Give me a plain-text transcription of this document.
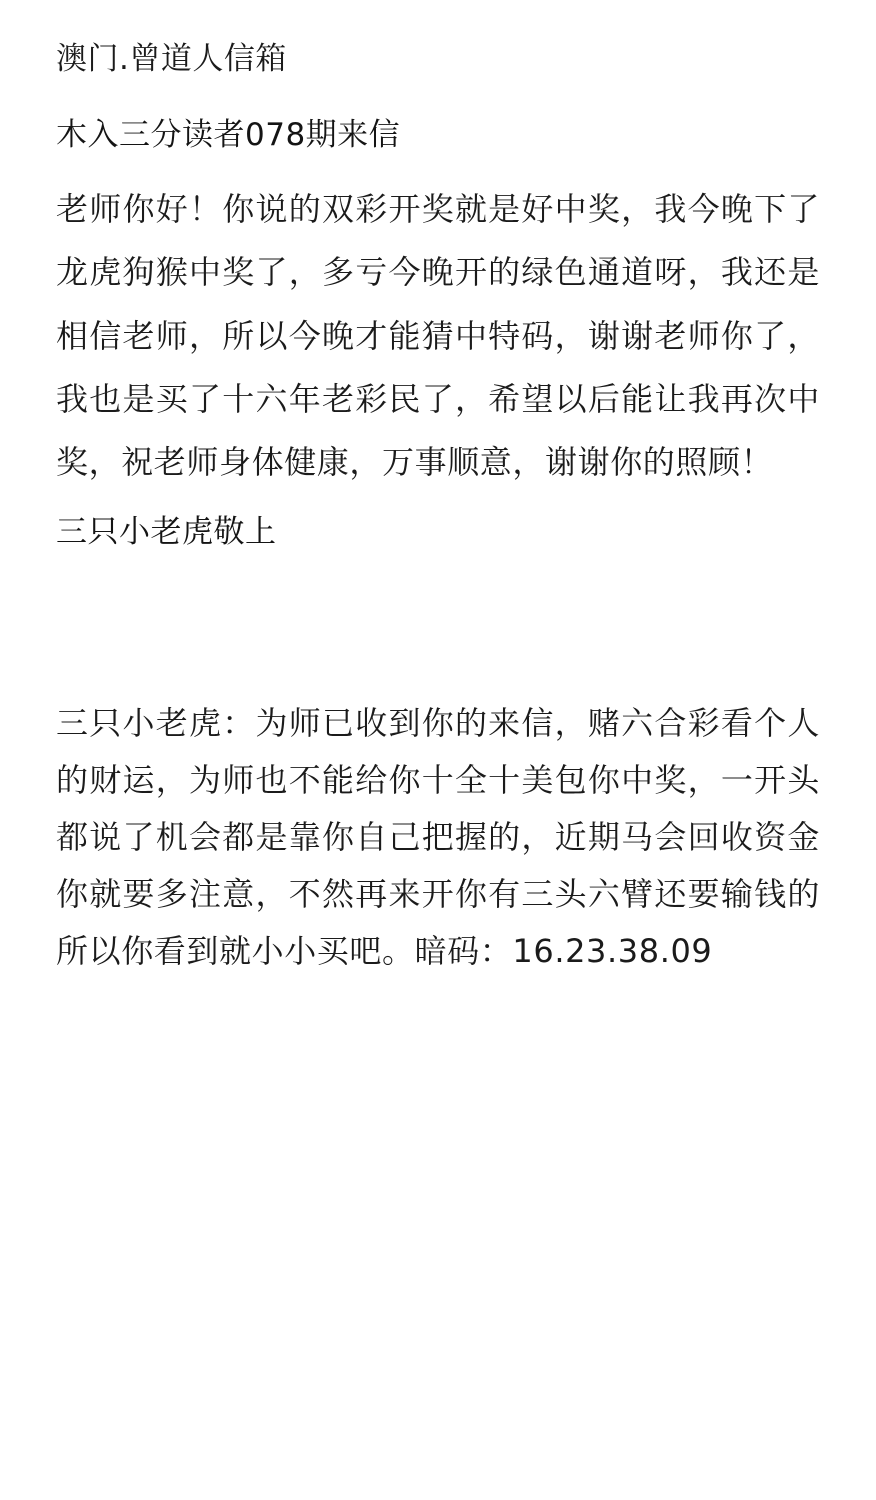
澳门.曾道人信箱
木入三分读者078期来信

老师你好！你说的双彩开奖就是好中奖，我今晚下了龙虎狗猴中奖了，多亏今晚开的绿色通道呀，我还是相信老师，所以今晚才能猜中特码，谢谢老师你了，我也是买了十六年老彩民了，希望以后能让我再次中奖，祝老师身体健康，万事顺意，谢谢你的照顾！

三只小老虎敬上

三只小老虎：为师已收到你的来信，赌六合彩看个人的财运，为师也不能给你十全十美包你中奖，一开头都说了机会都是靠你自己把握的，近期马会回收资金你就要多注意，不然再来开你有三头六臂还要输钱的所以你看到就小小买吧。暗码：16.23.38.09
